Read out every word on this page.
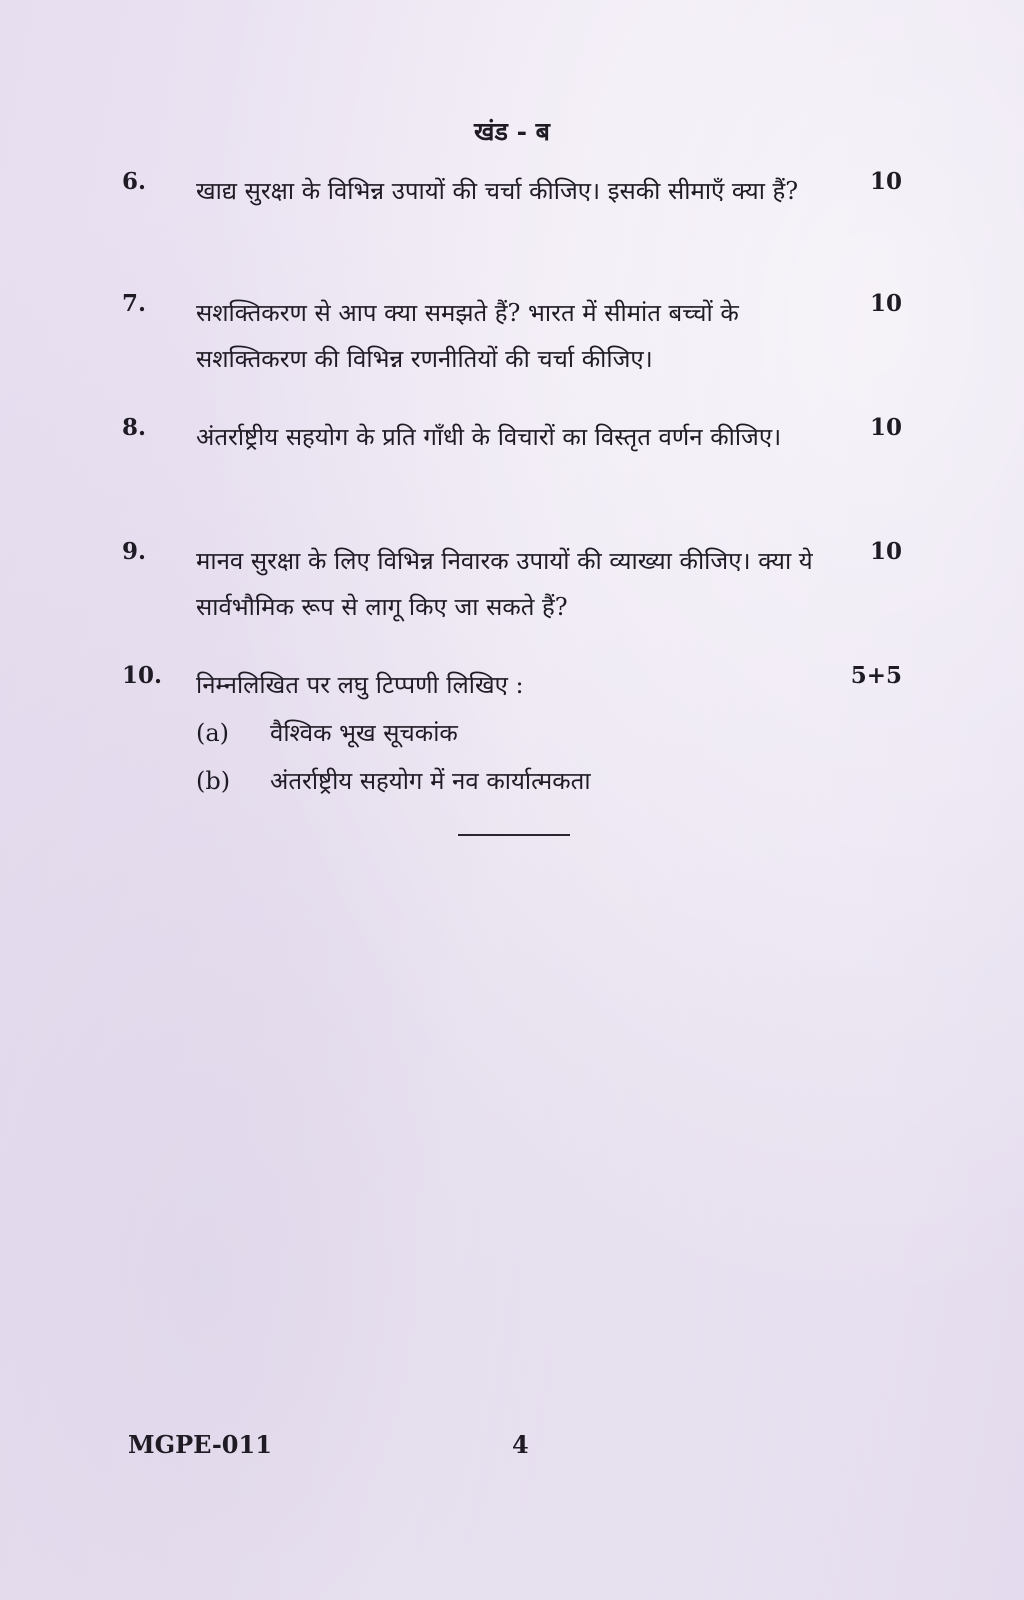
खंड - ब
6. खाद्य सुरक्षा के विभिन्न उपायों की चर्चा कीजिए। इसकी सीमाएँ क्या हैं?	10
7. सशक्तिकरण से आप क्या समझते हैं? भारत में सीमांत बच्चों के सशक्तिकरण की विभिन्न रणनीतियों की चर्चा कीजिए।
10
8. अंतर्राष्ट्रीय सहयोग के प्रति गाँधी के विचारों का विस्तृत वर्णन कीजिए।	10
9. मानव सुरक्षा के लिए विभिन्न निवारक उपायों की व्याख्या कीजिए। क्या ये सार्वभौमिक रूप से लागू किए जा सकते हैं?
10
10. निम्नलिखित पर लघु टिप्पणी लिखिए :	5+5
(a) वैश्विक भूख सूचकांक
(b) अंतर्राष्ट्रीय सहयोग में नव कार्यात्मकता
MGPE-011	4
